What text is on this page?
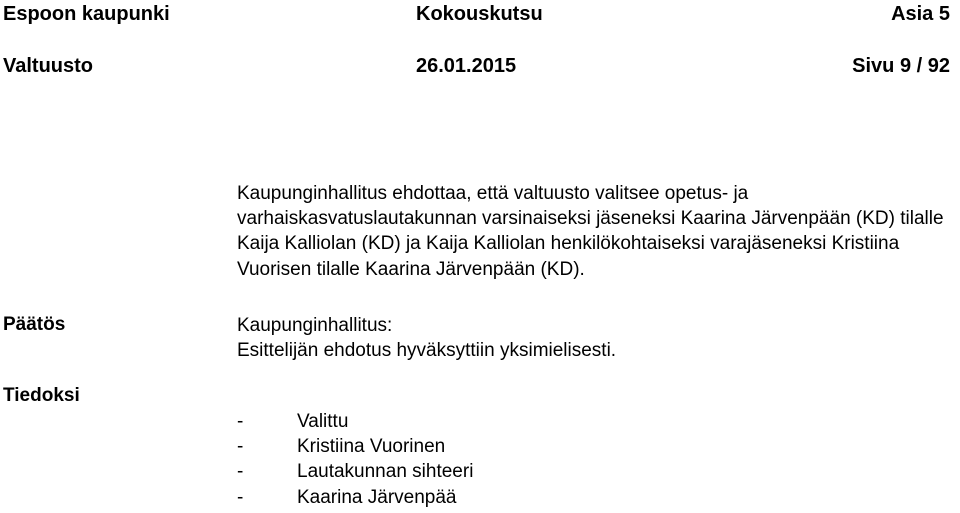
Espoon kaupunki	Kokouskutsu	Asia 5
Valtuusto	26.01.2015	Sivu 9 / 92

Kaupunginhallitus ehdottaa, että valtuusto valitsee opetus- ja varhaiskasvatuslautakunnan varsinaiseksi jäseneksi Kaarina Järvenpään (KD) tilalle Kaija Kalliolan (KD) ja Kaija Kalliolan henkilökohtaiseksi varajäseneksi Kristiina Vuorisen tilalle Kaarina Järvenpään (KD).

Päätös	Kaupunginhallitus:
Esittelijän ehdotus hyväksyttiin yksimielisesti.

Tiedoksi
-	Valittu
-	Kristiina Vuorinen
-	Lautakunnan sihteeri
-	Kaarina Järvenpää
